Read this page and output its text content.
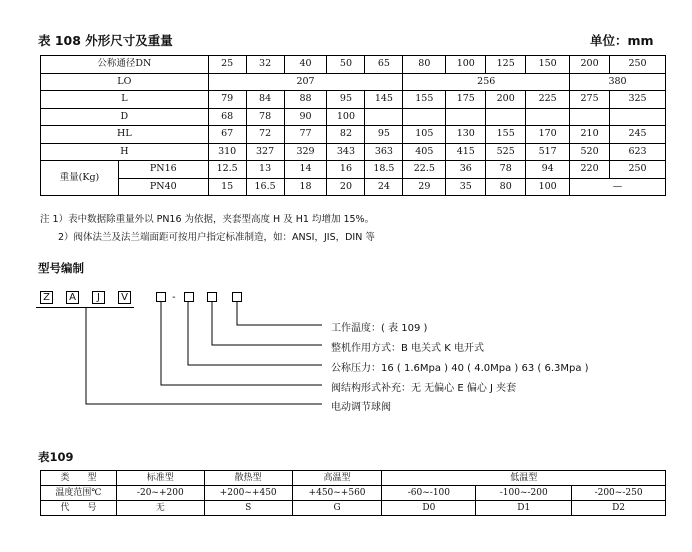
表 108 外形尺寸及重量	单位：mm
公称通径DN		25	32	40	50	65	80	100	125	150	200	250
LO		207					256				380	
L		79	84	88	95	145	155	175	200	225	275	325
D		68	78	90	100							
HL		67	72	77	82	95	105	130	155	170	210	245
H		310	327	329	343	363	405	415	525	517	520	623
重量(Kg)	PN16	12.5	13	14	16	18.5	22.5	36	78	94	220	250
	PN40	15	16.5	18	20	24	29	35	80	100	—	
注 1）表中数据除重量外以 PN16 为依据，夹套型高度 H 及 H1 均增加 15%。
2）阀体法兰及法兰端面距可按用户指定标准制造，如：ANSI，JIS，DIN 等
型号编制
Z	A	J	V	-
工作温度：( 表 109 )
整机作用方式：B 电关式 K 电开式
公称压力：16 ( 1.6Mpa ) 40 ( 4.0Mpa ) 63 ( 6.3Mpa )
阀结构形式补充：无 无偏心 E 偏心 J 夹套
电动调节球阀
表109
类　　型	标准型	散热型	高温型	低温型		
温度范围℃	-20~+200	+200~+450	+450~+560	-60~-100	-100~-200	-200~-250
代　　号	无	S	G	D0	D1	D2
